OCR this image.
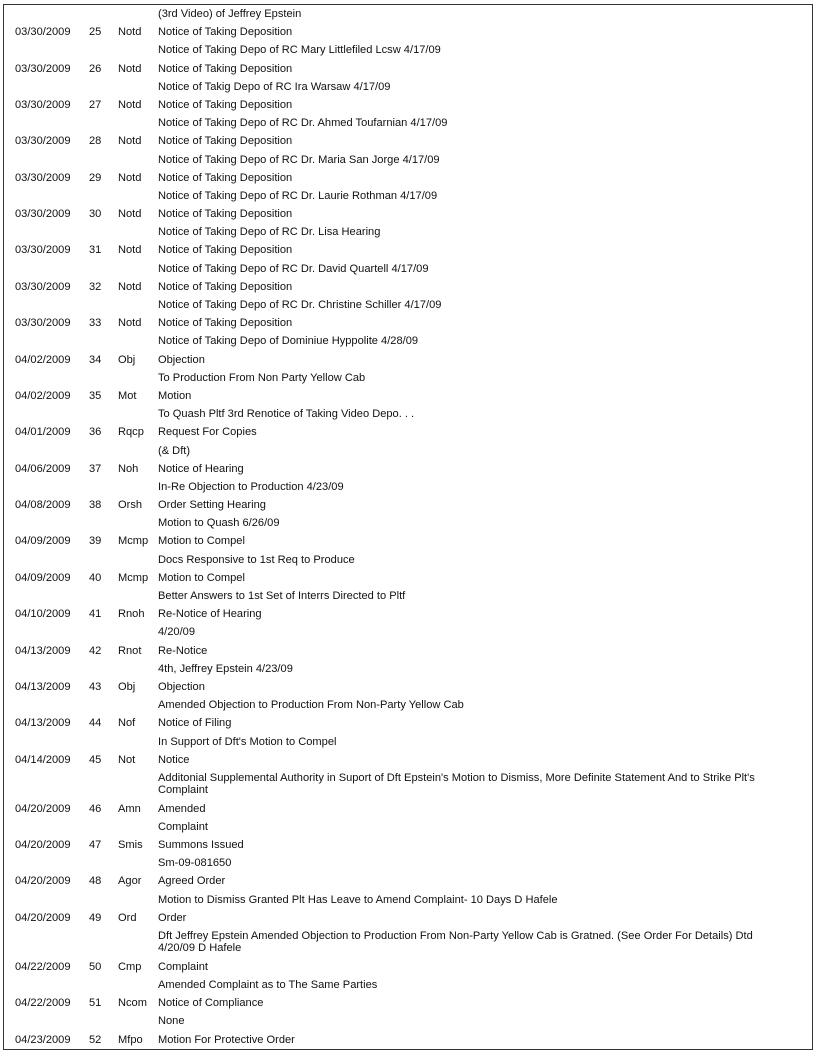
(3rd Video) of Jeffrey Epstein
03/30/2009 25 Notd Notice of Taking Deposition
Notice of Taking Depo of RC Mary Littlefiled Lcsw 4/17/09
03/30/2009 26 Notd Notice of Taking Deposition
Notice of Takig Depo of RC Ira Warsaw 4/17/09
03/30/2009 27 Notd Notice of Taking Deposition
Notice of Taking Depo of RC Dr. Ahmed Toufarnian 4/17/09
03/30/2009 28 Notd Notice of Taking Deposition
Notice of Taking Depo of RC Dr. Maria San Jorge 4/17/09
03/30/2009 29 Notd Notice of Taking Deposition
Notice of Taking Depo of RC Dr. Laurie Rothman 4/17/09
03/30/2009 30 Notd Notice of Taking Deposition
Notice of Taking Depo of RC Dr. Lisa Hearing
03/30/2009 31 Notd Notice of Taking Deposition
Notice of Taking Depo of RC Dr. David Quartell 4/17/09
03/30/2009 32 Notd Notice of Taking Deposition
Notice of Taking Depo of RC Dr. Christine Schiller 4/17/09
03/30/2009 33 Notd Notice of Taking Deposition
Notice of Taking Depo of Dominiue Hyppolite 4/28/09
04/02/2009 34 Obj Objection
To Production From Non Party Yellow Cab
04/02/2009 35 Mot Motion
To Quash Pltf 3rd Renotice of Taking Video Depo. . .
04/01/2009 36 Rqcp Request For Copies
(& Dft)
04/06/2009 37 Noh Notice of Hearing
In-Re Objection to Production 4/23/09
04/08/2009 38 Orsh Order Setting Hearing
Motion to Quash 6/26/09
04/09/2009 39 Mcmp Motion to Compel
Docs Responsive to 1st Req to Produce
04/09/2009 40 Mcmp Motion to Compel
Better Answers to 1st Set of Interrs Directed to Pltf
04/10/2009 41 Rnoh Re-Notice of Hearing
4/20/09
04/13/2009 42 Rnot Re-Notice
4th, Jeffrey Epstein 4/23/09
04/13/2009 43 Obj Objection
Amended Objection to Production From Non-Party Yellow Cab
04/13/2009 44 Nof Notice of Filing
In Support of Dft's Motion to Compel
04/14/2009 45 Not Notice
Additonial Supplemental Authority in Suport of Dft Epstein's Motion to Dismiss, More Definite Statement And to Strike Plt's Complaint
04/20/2009 46 Amn Amended
Complaint
04/20/2009 47 Smis Summons Issued
Sm-09-081650
04/20/2009 48 Agor Agreed Order
Motion to Dismiss Granted Plt Has Leave to Amend Complaint- 10 Days D Hafele
04/20/2009 49 Ord Order
Dft Jeffrey Epstein Amended Objection to Production From Non-Party Yellow Cab is Gratned. (See Order For Details) Dtd 4/20/09 D Hafele
04/22/2009 50 Cmp Complaint
Amended Complaint as to The Same Parties
04/22/2009 51 Ncom Notice of Compliance
None
04/23/2009 52 Mfpo Motion For Protective Order
